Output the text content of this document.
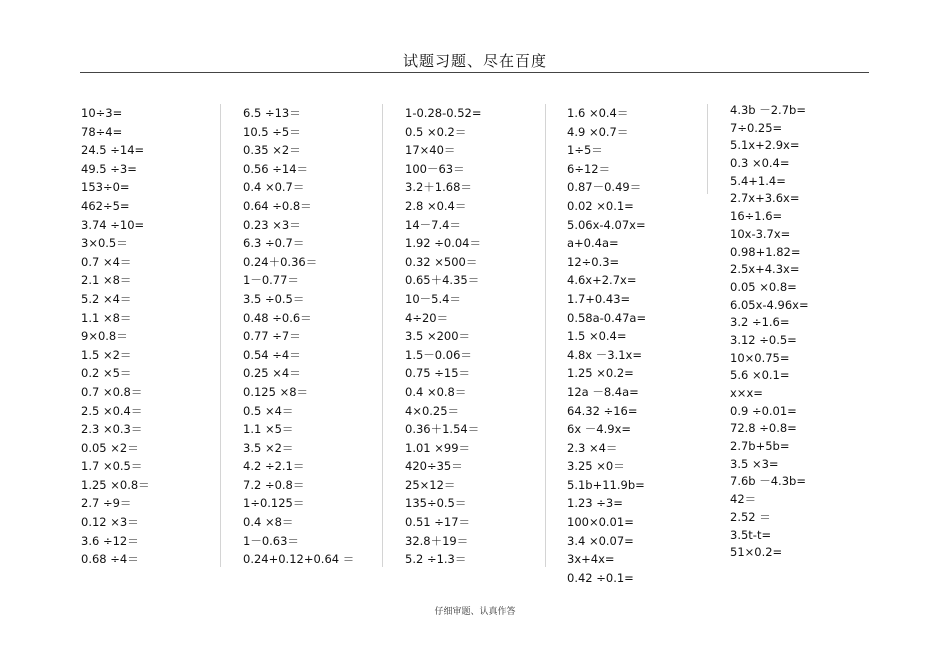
试题习题、尽在百度
10÷3=
78÷4=
24.5 ÷14=
49.5 ÷3=
153÷0=
462÷5=
3.74 ÷10=
3×0.5＝
0.7 ×4＝
2.1 ×8＝
5.2 ×4＝
1.1 ×8＝
9×0.8＝
1.5 ×2＝
0.2 ×5＝
0.7 ×0.8＝
2.5 ×0.4＝
2.3 ×0.3＝
0.05 ×2＝
1.7 ×0.5＝
1.25 ×0.8＝
2.7 ÷9＝
0.12 ×3＝
3.6 ÷12＝
0.68 ÷4＝
6.5 ÷13＝
10.5 ÷5＝
0.35 ×2＝
0.56 ÷14＝
0.4 ×0.7＝
0.64 ÷0.8＝
0.23 ×3＝
6.3 ÷0.7＝
0.24＋0.36＝
1－0.77＝
3.5 ÷0.5＝
0.48 ÷0.6＝
0.77 ÷7＝
0.54 ÷4＝
0.25 ×4＝
0.125 ×8＝
0.5 ×4＝
1.1 ×5＝
3.5 ×2＝
4.2 ÷2.1＝
7.2 ÷0.8＝
1÷0.125＝
0.4 ×8＝
1－0.63＝
0.24+0.12+0.64 ＝
1-0.28-0.52=
0.5 ×0.2＝
17×40＝
100－63＝
3.2＋1.68＝
2.8 ×0.4＝
14－7.4＝
1.92 ÷0.04＝
0.32 ×500＝
0.65＋4.35＝
10－5.4＝
4÷20＝
3.5 ×200＝
1.5－0.06＝
0.75 ÷15＝
0.4 ×0.8＝
4×0.25＝
0.36＋1.54＝
1.01 ×99＝
420÷35＝
25×12＝
135÷0.5＝
0.51 ÷17＝
32.8＋19＝
5.2 ÷1.3＝
1.6 ×0.4＝
4.9 ×0.7＝
1÷5＝
6÷12＝
0.87－0.49＝
0.02 ×0.1=
5.06x-4.07x=
a+0.4a=
12÷0.3=
4.6x+2.7x=
1.7+0.43=
0.58a-0.47a=
1.5 ×0.4=
4.8x －3.1x=
1.25 ×0.2=
12a －8.4a=
64.32 ÷16=
6x －4.9x=
2.3 ×4＝
3.25 ×0＝
5.1b+11.9b=
1.23 ÷3=
100×0.01=
3.4 ×0.07=
3x+4x=
0.42 ÷0.1=
4.3b －2.7b=
7÷0.25=
5.1x+2.9x=
0.3 ×0.4=
5.4+1.4=
2.7x+3.6x=
16÷1.6=
10x-3.7x=
0.98+1.82=
2.5x+4.3x=
0.05 ×0.8=
6.05x-4.96x=
3.2 ÷1.6=
3.12 ÷0.5=
10×0.75=
5.6 ×0.1=
x×x=
0.9 ÷0.01=
72.8 ÷0.8=
2.7b+5b=
3.5 ×3=
7.6b －4.3b=
42＝
2.52 ＝
3.5t-t=
51×0.2=
仔细审题、认真作答
